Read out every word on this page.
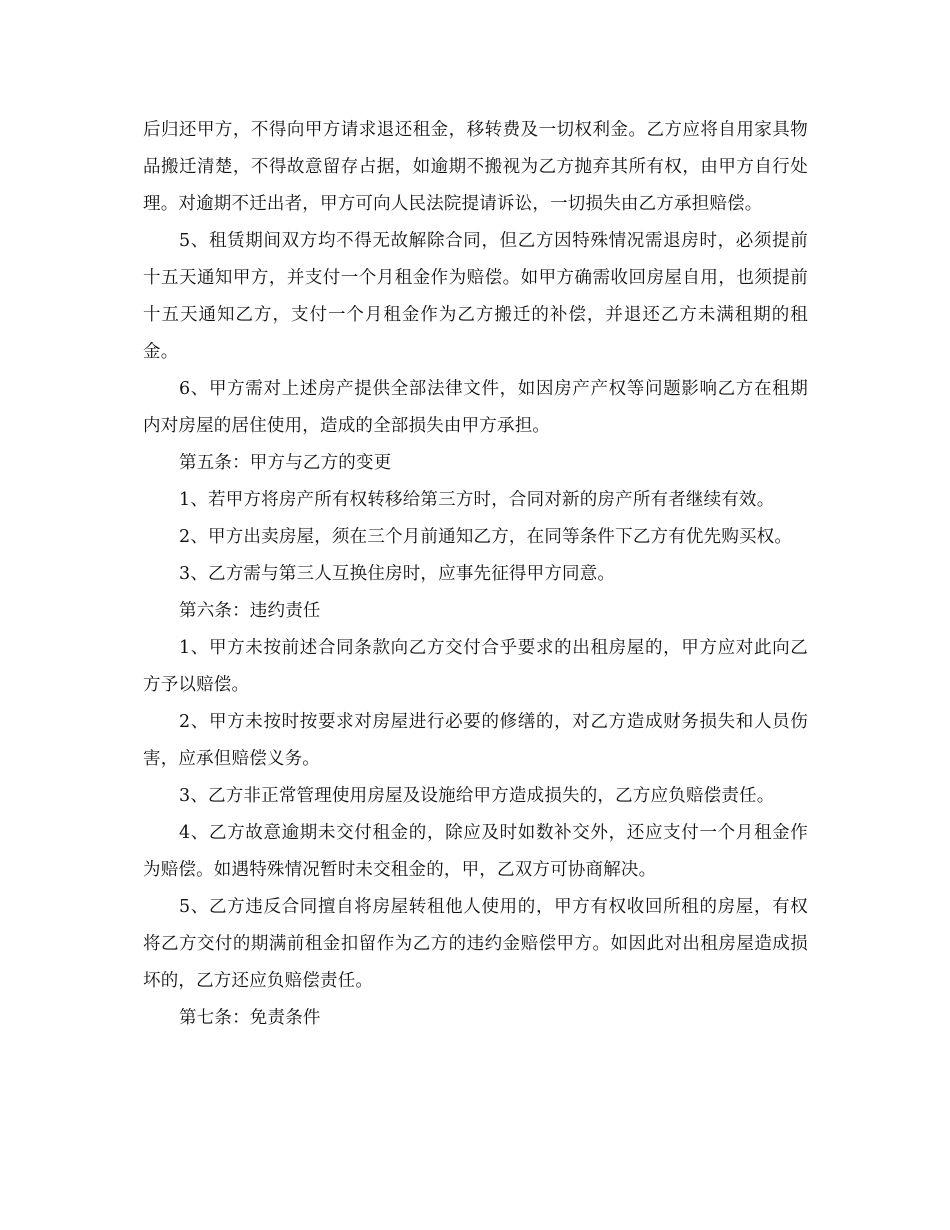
后归还甲方，不得向甲方请求退还租金，移转费及一切权利金。乙方应将自用家具物品搬迁清楚，不得故意留存占据，如逾期不搬视为乙方抛弃其所有权，由甲方自行处理。对逾期不迁出者，甲方可向人民法院提请诉讼，一切损失由乙方承担赔偿。

5、租赁期间双方均不得无故解除合同，但乙方因特殊情况需退房时，必须提前十五天通知甲方，并支付一个月租金作为赔偿。如甲方确需收回房屋自用，也须提前十五天通知乙方，支付一个月租金作为乙方搬迁的补偿，并退还乙方未满租期的租金。

6、甲方需对上述房产提供全部法律文件，如因房产产权等问题影响乙方在租期内对房屋的居住使用，造成的全部损失由甲方承担。

第五条：甲方与乙方的变更

1、若甲方将房产所有权转移给第三方时，合同对新的房产所有者继续有效。

2、甲方出卖房屋，须在三个月前通知乙方，在同等条件下乙方有优先购买权。

3、乙方需与第三人互换住房时，应事先征得甲方同意。

第六条：违约责任

1、甲方未按前述合同条款向乙方交付合乎要求的出租房屋的，甲方应对此向乙方予以赔偿。

2、甲方未按时按要求对房屋进行必要的修缮的，对乙方造成财务损失和人员伤害，应承但赔偿义务。

3、乙方非正常管理使用房屋及设施给甲方造成损失的，乙方应负赔偿责任。

4、乙方故意逾期未交付租金的，除应及时如数补交外，还应支付一个月租金作为赔偿。如遇特殊情况暂时未交租金的，甲，乙双方可协商解决。

5、乙方违反合同擅自将房屋转租他人使用的，甲方有权收回所租的房屋，有权将乙方交付的期满前租金扣留作为乙方的违约金赔偿甲方。如因此对出租房屋造成损坏的，乙方还应负赔偿责任。

第七条：免责条件
